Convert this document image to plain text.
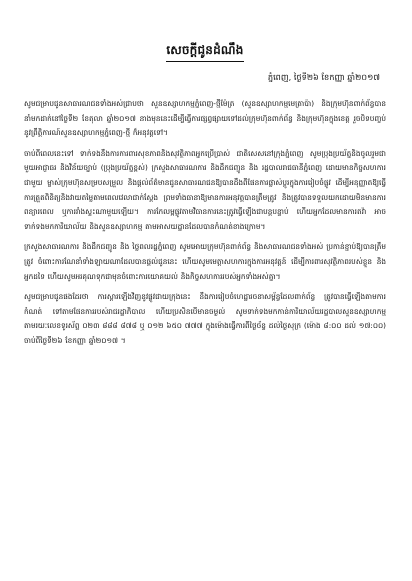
សេចក្តីជូនដំណឹង
ភ្នំពេញ, ថ្ងៃទី២៦ ខែកញ្ញា ឆ្នាំ២០១៧

សូមជម្រាបជូនសាធារណជនទាំងអស់ជ្រាបថា សួនឧស្សាហកម្មភ្នំពេញ-ថ្មីម៉ែត្រ (សួនឧស្សាហកម្មមេត្រាប៉ា) និងក្រុមហ៊ុនពាក់ព័ន្ធបាននាំមកដាក់នៅថ្ងៃទី២ ខែតុលា ឆ្នាំ២០១៧ នាងមុននេះដើម្បីធ្វើការផ្សព្វផ្សាយទៅដល់ក្រុមហ៊ុនពាក់ព័ន្ធ និងក្រុមហ៊ុនក្នុងខេត្ត រួចបិទបញ្ចប់នូវព្រឹត្តិការណ៍សួនឧស្សាហកម្មភ្នំពេញ-ថ្មី ក៏អនុវត្តទៅ។

ចាប់ពីពេលនេះទៅ ទាក់ទងនឹងការការពារសុខភាពនិងសុវត្ថិភាពអ្នកប្រើប្រាស់ ជាតិសេសនៅក្រុងភ្នំពេញ សូមប្រុងប្រយ័ត្ននិងចូលរួមជាមួយអាជ្ញាធរ និងវិន័យច្បាប់ (ប្រុងប្រយ័ត្នខ្ពស់) ក្រសួងសាធារណការ និងដឹកជញ្ជូន និង រដ្ឋបាលរាជធានីភ្នំពេញ ដោយមានកិច្ចសហការជាមួយ ម្ចាស់ក្រុមហ៊ុនសម្របសម្រួល និងផ្ដល់ព័ត៌មានជូនសាធារណជនឱ្យបានដឹងពីផែនការផ្លាស់ប្ដូរក្នុងការរៀបចំផ្លូវ ដើម្បីអនុញ្ញាតឱ្យធ្វើការត្រួតពិនិត្យនិងវាយតម្លៃតាមពេលវេលាជាក់ស្ដែង ព្រមទាំងធានាឱ្យមានការអនុវត្តបានត្រឹមត្រូវ និងត្រូវបានទទួលយកដោយមិនមានការពន្យារពេល ឬការរាំងស្ទះណាមួយឡើយ។ ការកែលម្អផ្លូវតាមវិធានការនេះត្រូវធ្វើឡើងជាបន្តបន្ទាប់ ហើយអ្នកដែលមានការតវ៉ា អាចទាក់ទងមកការិយាល័យ និងសួនឧស្សាហកម្ម តាមអាសយដ្ឋានដែលបានកំណត់ខាងក្រោម។

ក្រសួងសាធារណការ និងដឹកជញ្ជូន និង ថ្លៃពលរដ្ឋភ្នំពេញ សូមអោយក្រុមហ៊ុនពាក់ព័ន្ធ និងសាធារណជនទាំងអស់ ប្រកាន់ខ្ជាប់ឱ្យបានត្រឹមត្រូវ ចំពោះការណែនាំទាំងឡាយណាដែលបានផ្ដល់ជូននេះ ហើយសូមមេត្តាសហការក្នុងការអនុវត្តន៍ ដើម្បីការពារសុវត្ថិភាពរបស់ខ្លួន និងអ្នកដទៃ ហើយសូមអរគុណទុកជាមុនចំពោះការយោគយល់ និងកិច្ចសហការរបស់អ្នកទាំងអស់គ្នា។

សូមជម្រាបជូនផងដែរថា ការស្ដារឡើងវិញនូវផ្លូវជាយក្រុងនេះ នឹងការរៀបចំហេដ្ឋារចនាសម្ព័ន្ធដែលពាក់ព័ន្ធ ត្រូវបានធ្វើឡើងតាមការកំណត់ ទៅតាមផែនការរបស់រាជរដ្ឋាភិបាល ហើយប្រសិនបើមានចម្ងល់ សូមទាក់ទងមកកាន់ការិយាល័យរដ្ឋបាលសួនឧស្សាហកម្ម តាមរយៈលេខទូរស័ព្ទ ០២៣ ៨៨៨ ៨៧៨ ឬ ០១២ ៦៥០ ៧៧៧ ក្នុងម៉ោងធ្វើការពីថ្ងៃច័ន្ទ ដល់ថ្ងៃសុក្រ (ម៉ោង ៨:០០ ដល់ ១៧:០០) ចាប់ពីថ្ងៃទី២៦ ខែកញ្ញា ឆ្នាំ២០១៧ ។
